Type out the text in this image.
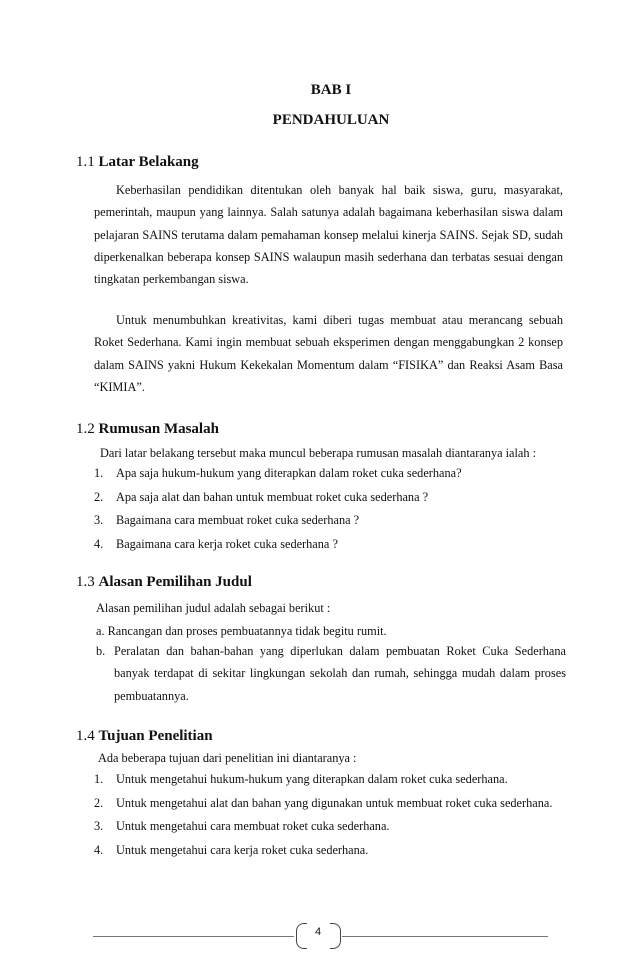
BAB I
PENDAHULUAN
1.1 Latar Belakang
Keberhasilan pendidikan ditentukan oleh banyak hal baik siswa, guru, masyarakat, pemerintah, maupun yang lainnya. Salah satunya adalah bagaimana keberhasilan siswa dalam pelajaran SAINS terutama dalam pemahaman konsep melalui kinerja SAINS. Sejak SD, sudah diperkenalkan beberapa konsep SAINS walaupun masih sederhana dan terbatas sesuai dengan tingkatan perkembangan siswa.
Untuk menumbuhkan kreativitas, kami diberi tugas membuat atau merancang sebuah Roket Sederhana. Kami ingin membuat sebuah eksperimen dengan menggabungkan 2 konsep dalam SAINS yakni Hukum Kekekalan Momentum dalam “FISIKA” dan Reaksi Asam Basa “KIMIA”.
1.2 Rumusan Masalah
Dari latar belakang tersebut maka muncul beberapa rumusan masalah diantaranya ialah :
1. Apa saja hukum-hukum yang diterapkan dalam roket cuka sederhana?
2. Apa saja alat dan bahan untuk membuat roket cuka sederhana ?
3. Bagaimana cara membuat roket cuka sederhana ?
4. Bagaimana cara kerja roket cuka sederhana ?
1.3 Alasan Pemilihan Judul
Alasan pemilihan judul adalah sebagai berikut :
a. Rancangan dan proses pembuatannya tidak begitu rumit.
b. Peralatan dan bahan-bahan yang diperlukan dalam pembuatan Roket Cuka Sederhana banyak terdapat di sekitar lingkungan sekolah dan rumah, sehingga mudah dalam proses pembuatannya.
1.4 Tujuan Penelitian
Ada beberapa tujuan dari penelitian ini diantaranya :
1. Untuk mengetahui hukum-hukum yang diterapkan dalam roket cuka sederhana.
2. Untuk mengetahui alat dan bahan yang digunakan untuk membuat roket cuka sederhana.
3. Untuk mengetahui cara membuat roket cuka sederhana.
4. Untuk mengetahui cara kerja roket cuka sederhana.
4
